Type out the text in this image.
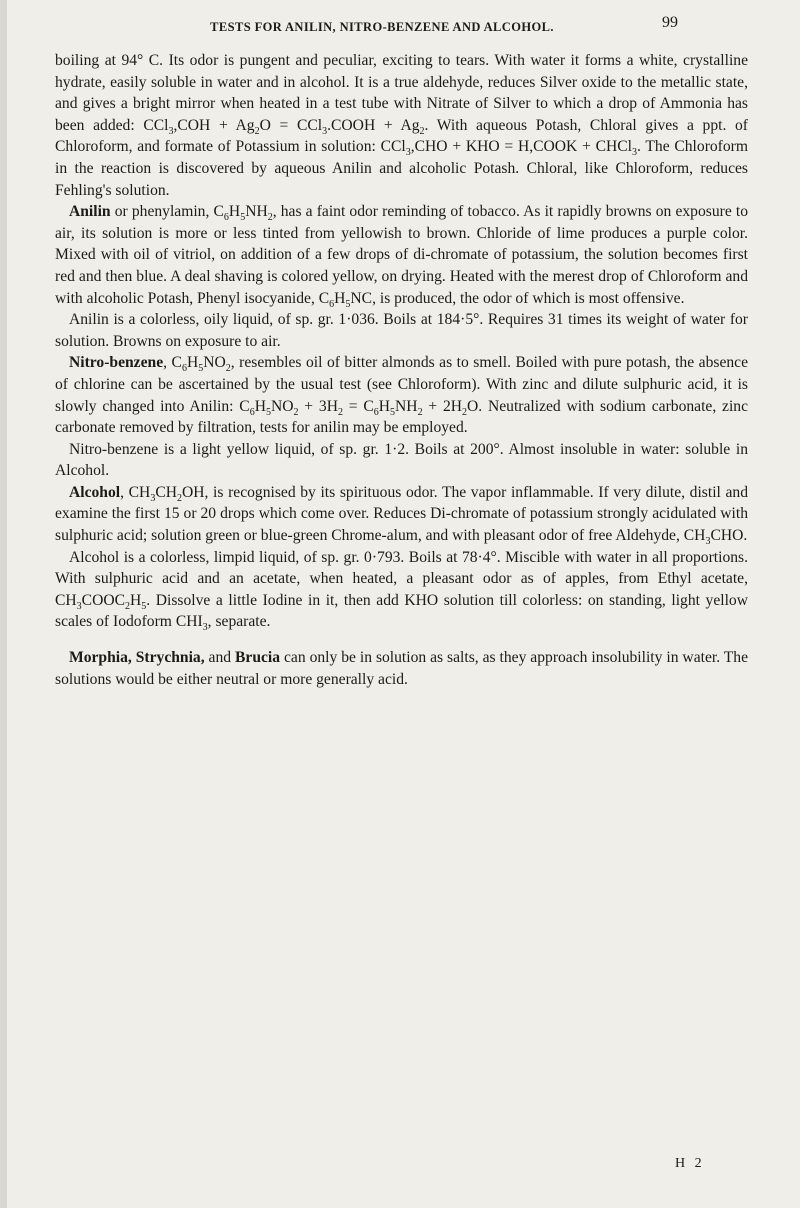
TESTS FOR ANILIN, NITRO-BENZENE AND ALCOHOL.	99

boiling at 94° C. Its odor is pungent and peculiar, exciting to tears. With water it forms a white, crystalline hydrate, easily soluble in water and in alcohol. It is a true aldehyde, reduces Silver oxide to the metallic state, and gives a bright mirror when heated in a test tube with Nitrate of Silver to which a drop of Ammonia has been added: $CCl_3,COH + Ag_2O$ = CCl$_3$.COOH + $Ag_2$. With aqueous Potash, Chloral gives a ppt. of Chloroform, and formate of Potassium in solution: CCl$_3$,CHO + KHO = H,COOK + CHCl$_3$. The Chloroform in the reaction is discovered by aqueous Anilin and alcoholic Potash. Chloral, like Chloroform, reduces Fehling's solution.

Anilin or phenylamin, $C_6H_5NH_2$, has a faint odor reminding of tobacco. As it rapidly browns on exposure to air, its solution is more or less tinted from yellowish to brown. Chloride of lime produces a purple color. Mixed with oil of vitriol, on addition of a few drops of di-chromate of potassium, the solution becomes first red and then blue. A deal shaving is colored yellow, on drying. Heated with the merest drop of Chloroform and with alcoholic Potash, Phenyl isocyanide, $C_6H_5NC$, is produced, the odor of which is most offensive.

Anilin is a colorless, oily liquid, of sp. gr. 1·036. Boils at 184·5°. Requires 31 times its weight of water for solution. Browns on exposure to air.

Nitro-benzene, $C_6H_5NO_2$, resembles oil of bitter almonds as to smell. Boiled with pure potash, the absence of chlorine can be ascertained by the usual test (see Chloroform). With zinc and dilute sulphuric acid, it is slowly changed into Anilin: $C_6H_5NO_2 + 3H_2 = C_6H_5NH_2 + 2H_2O$. Neutralized with sodium carbonate, zinc carbonate removed by filtration, tests for anilin may be employed.

Nitro-benzene is a light yellow liquid, of sp. gr. 1·2. Boils at 200°. Almost insoluble in water: soluble in Alcohol.

Alcohol, $CH_3CH_2OH$, is recognised by its spirituous odor. The vapor inflammable. If very dilute, distil and examine the first 15 or 20 drops which come over. Reduces Di-chromate of potassium strongly acidulated with sulphuric acid; solution green or blue-green Chrome-alum, and with pleasant odor of free Aldehyde, $CH_3CHO$.

Alcohol is a colorless, limpid liquid, of sp. gr. 0·793. Boils at 78·4°. Miscible with water in all proportions. With sulphuric acid and an acetate, when heated, a pleasant odor as of apples, from Ethyl acetate, $CH_3COOC_2H_5$. Dissolve a little Iodine in it, then add KHO solution till colorless: on standing, light yellow scales of Iodoform $CHI_3$, separate.

Morphia, Strychnia, and Brucia can only be in solution as salts, as they approach insolubility in water. The solutions would be either neutral or more generally acid.

H 2
